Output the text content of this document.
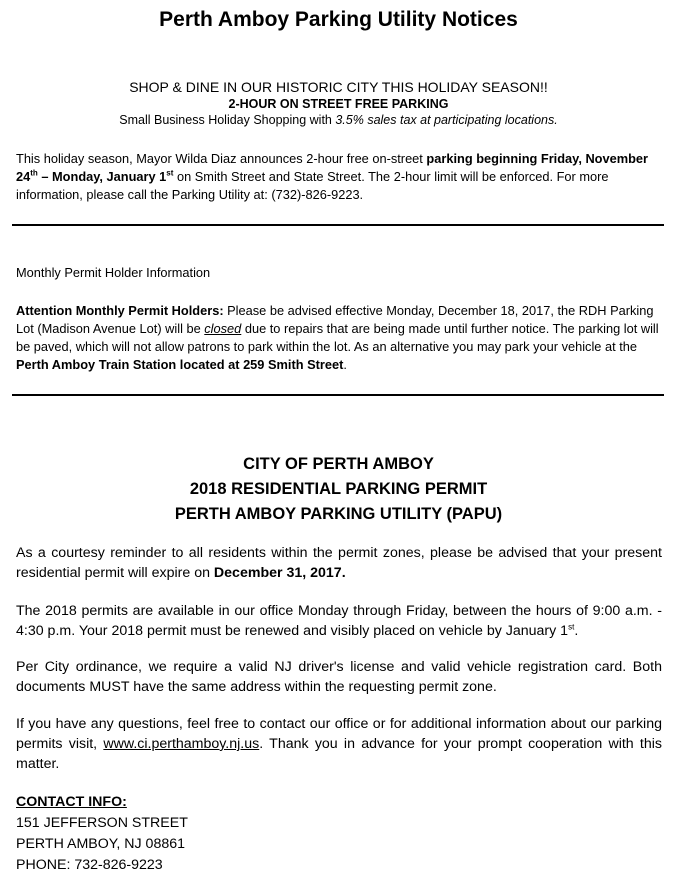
Perth Amboy Parking Utility Notices
SHOP & DINE IN OUR HISTORIC CITY THIS HOLIDAY SEASON!!
2-HOUR ON STREET FREE PARKING
Small Business Holiday Shopping with 3.5% sales tax at participating locations.
This holiday season, Mayor Wilda Diaz announces 2-hour free on-street parking beginning Friday, November 24th – Monday, January 1st on Smith Street and State Street. The 2-hour limit will be enforced. For more information, please call the Parking Utility at: (732)-826-9223.
Monthly Permit Holder Information
Attention Monthly Permit Holders: Please be advised effective Monday, December 18, 2017, the RDH Parking Lot (Madison Avenue Lot) will be closed due to repairs that are being made until further notice. The parking lot will be paved, which will not allow patrons to park within the lot. As an alternative you may park your vehicle at the Perth Amboy Train Station located at 259 Smith Street.
CITY OF PERTH AMBOY
2018 RESIDENTIAL PARKING PERMIT
PERTH AMBOY PARKING UTILITY (PAPU)
As a courtesy reminder to all residents within the permit zones, please be advised that your present residential permit will expire on December 31, 2017.
The 2018 permits are available in our office Monday through Friday, between the hours of 9:00 a.m. - 4:30 p.m. Your 2018 permit must be renewed and visibly placed on vehicle by January 1st.
Per City ordinance, we require a valid NJ driver's license and valid vehicle registration card. Both documents MUST have the same address within the requesting permit zone.
If you have any questions, feel free to contact our office or for additional information about our parking permits visit, www.ci.perthamboy.nj.us. Thank you in advance for your prompt cooperation with this matter.
CONTACT INFO:
151 JEFFERSON STREET
PERTH AMBOY, NJ 08861
PHONE: 732-826-9223
